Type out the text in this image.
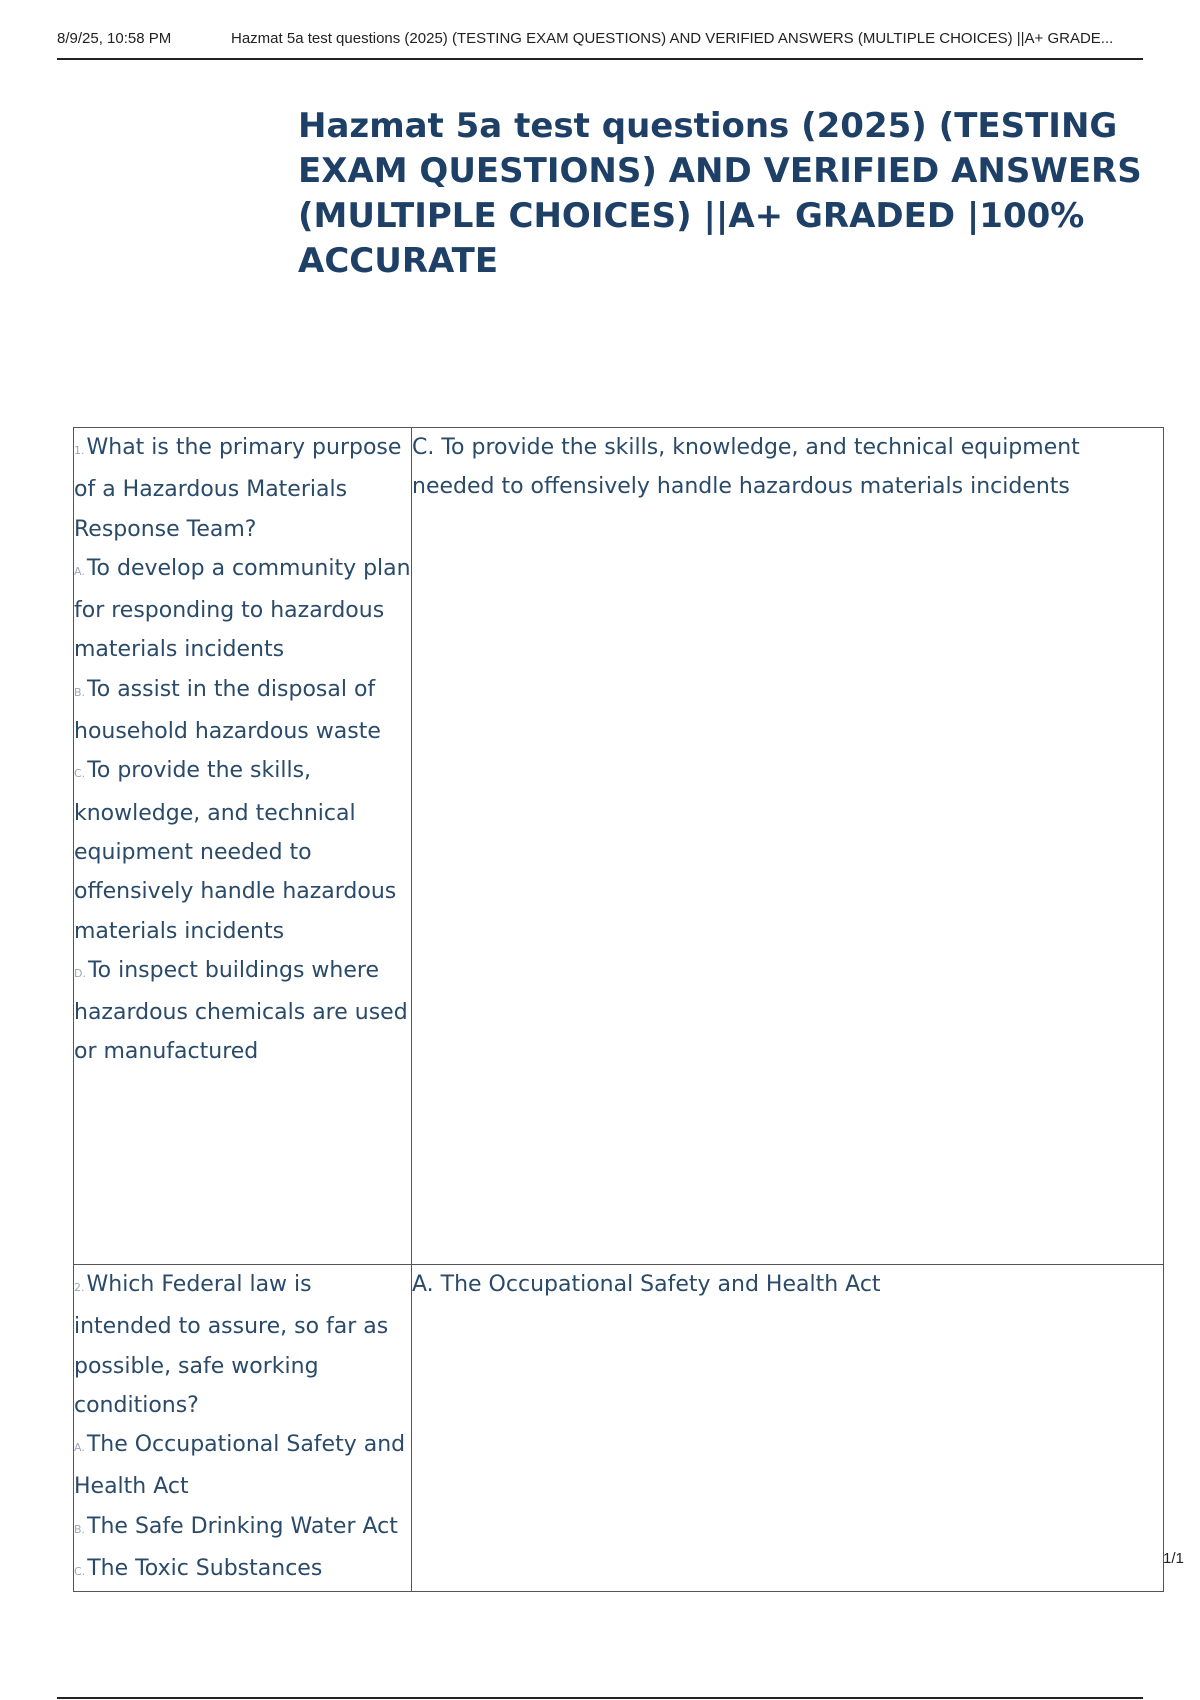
8/9/25, 10:58 PM	Hazmat 5a test questions (2025) (TESTING EXAM QUESTIONS) AND VERIFIED ANSWERS (MULTIPLE CHOICES) ||A+ GRADE...
Hazmat 5a test questions (2025) (TESTING EXAM QUESTIONS) AND VERIFIED ANSWERS (MULTIPLE CHOICES) ||A+ GRADED |100% ACCURATE

1.What is the primary purpose of a Hazardous Materials Response Team?

A.To develop a community plan for responding to hazardous materials incidents

B.To assist in the disposal of household hazardous waste

C.To provide the skills, knowledge, and technical equipment needed to offensively handle hazardous materials incidents

D.To inspect buildings where hazardous chemicals are used or manufactured	C. To provide the skills, knowledge, and technical equipment needed to offensively handle hazardous materials incidents

2.Which Federal law is intended to assure, so far as possible, safe working conditions?

A.The Occupational Safety and Health Act

B.The Safe Drinking Water Act

C.The Toxic Substances	A. The Occupational Safety and Health Act

1/1
